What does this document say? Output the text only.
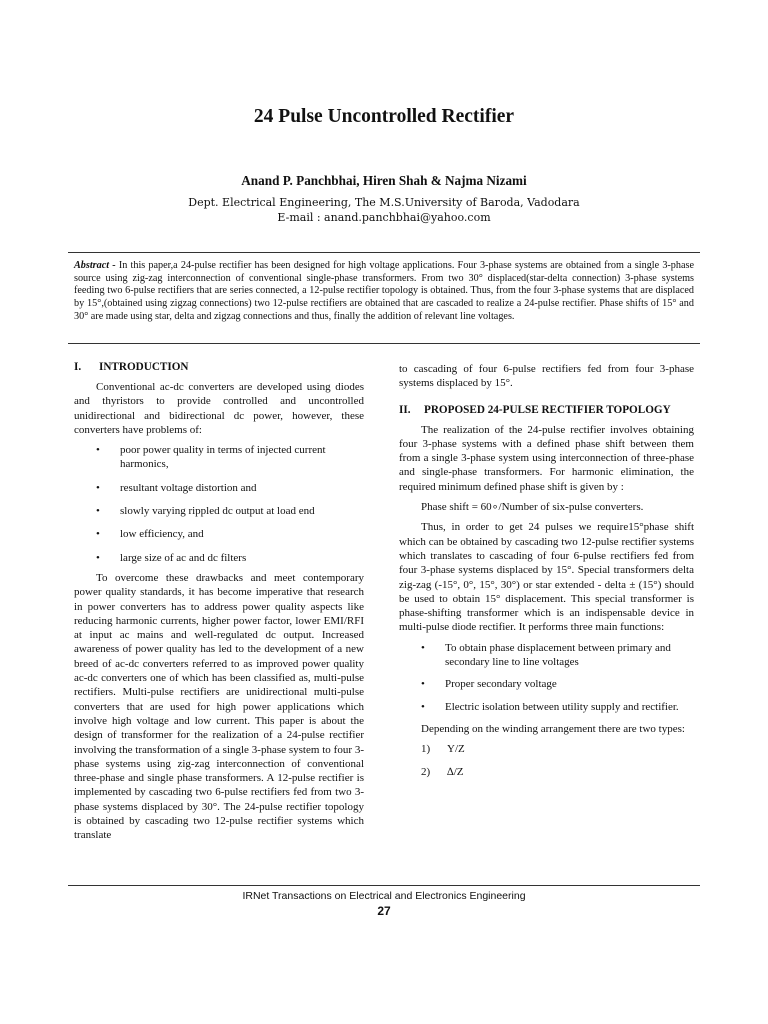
24 Pulse Uncontrolled Rectifier
Anand P. Panchbhai, Hiren Shah & Najma Nizami
Dept. Electrical Engineering, The M.S.University of Baroda, Vadodara
E-mail : anand.panchbhai@yahoo.com
Abstract - In this paper,a 24-pulse rectifier has been designed for high voltage applications. Four 3-phase systems are obtained from a single 3-phase source using zig-zag interconnection of conventional single-phase transformers. From two 30° displaced(star-delta connection) 3-phase systems feeding two 6-pulse rectifiers that are series connected, a 12-pulse rectifier topology is obtained. Thus, from the four 3-phase systems that are displaced by 15°,(obtained using zigzag connections) two 12-pulse rectifiers are obtained that are cascaded to realize a 24-pulse rectifier. Phase shifts of 15° and 30° are made using star, delta and zigzag connections and thus, finally the addition of relevant line voltages.
I.	INTRODUCTION

Conventional ac-dc converters are developed using diodes and thyristors to provide controlled and uncontrolled unidirectional and bidirectional dc power, however, these converters have problems of:

• poor power quality in terms of injected current harmonics,
• resultant voltage distortion and
• slowly varying rippled dc output at load end
• low efficiency, and
• large size of ac and dc filters

To overcome these drawbacks and meet contemporary power quality standards, it has become imperative that research in power converters has to address power quality aspects like reducing harmonic currents, higher power factor, lower EMI/RFI at input ac mains and well-regulated dc output. Increased awareness of power quality has led to the development of a new breed of ac-dc converters referred to as improved power quality ac-dc converters one of which has been classified as, multi-pulse rectifiers. Multi-pulse rectifiers are unidirectional multi-pulse converters that are used for high power applications which involve high voltage and low current. This paper is about the design of transformer for the realization of a 24-pulse rectifier involving the transformation of a single 3-phase system to four 3-phase systems using zig-zag interconnection of conventional three-phase and single phase transformers. A 12-pulse rectifier is implemented by cascading two 6-pulse rectifiers fed from two 3-phase systems displaced by 30°. The 24-pulse rectifier topology is obtained by cascading two 12-pulse rectifier systems which translate

to cascading of four 6-pulse rectifiers fed from four 3-phase systems displaced by 15°.

II.	PROPOSED 24-PULSE RECTIFIER TOPOLOGY

The realization of the 24-pulse rectifier involves obtaining four 3-phase systems with a defined phase shift between them from a single 3-phase system using interconnection of three-phase and single-phase transformers. For harmonic elimination, the required minimum defined phase shift is given by :

Phase shift = 60∘/Number of six-pulse converters.

Thus, in order to get 24 pulses we require15°phase shift which can be obtained by cascading two 12-pulse rectifier systems which translates to cascading of four 6-pulse rectifiers fed from four 3-phase systems displaced by 15°. Special transformers delta zig-zag (-15°, 0°, 15°, 30°) or star extended - delta ± (15°) should be used to obtain 15° displacement. This special transformer is phase-shifting transformer which is an indispensable device in multi-pulse diode rectifier. It performs three main functions:

• To obtain phase displacement between primary and secondary line to line voltages
• Proper secondary voltage
• Electric isolation between utility supply and rectifier.

Depending on the winding arrangement there are two types:

1)	Y/Z
2)	∆/Z
IRNet Transactions on Electrical and Electronics Engineering
27
